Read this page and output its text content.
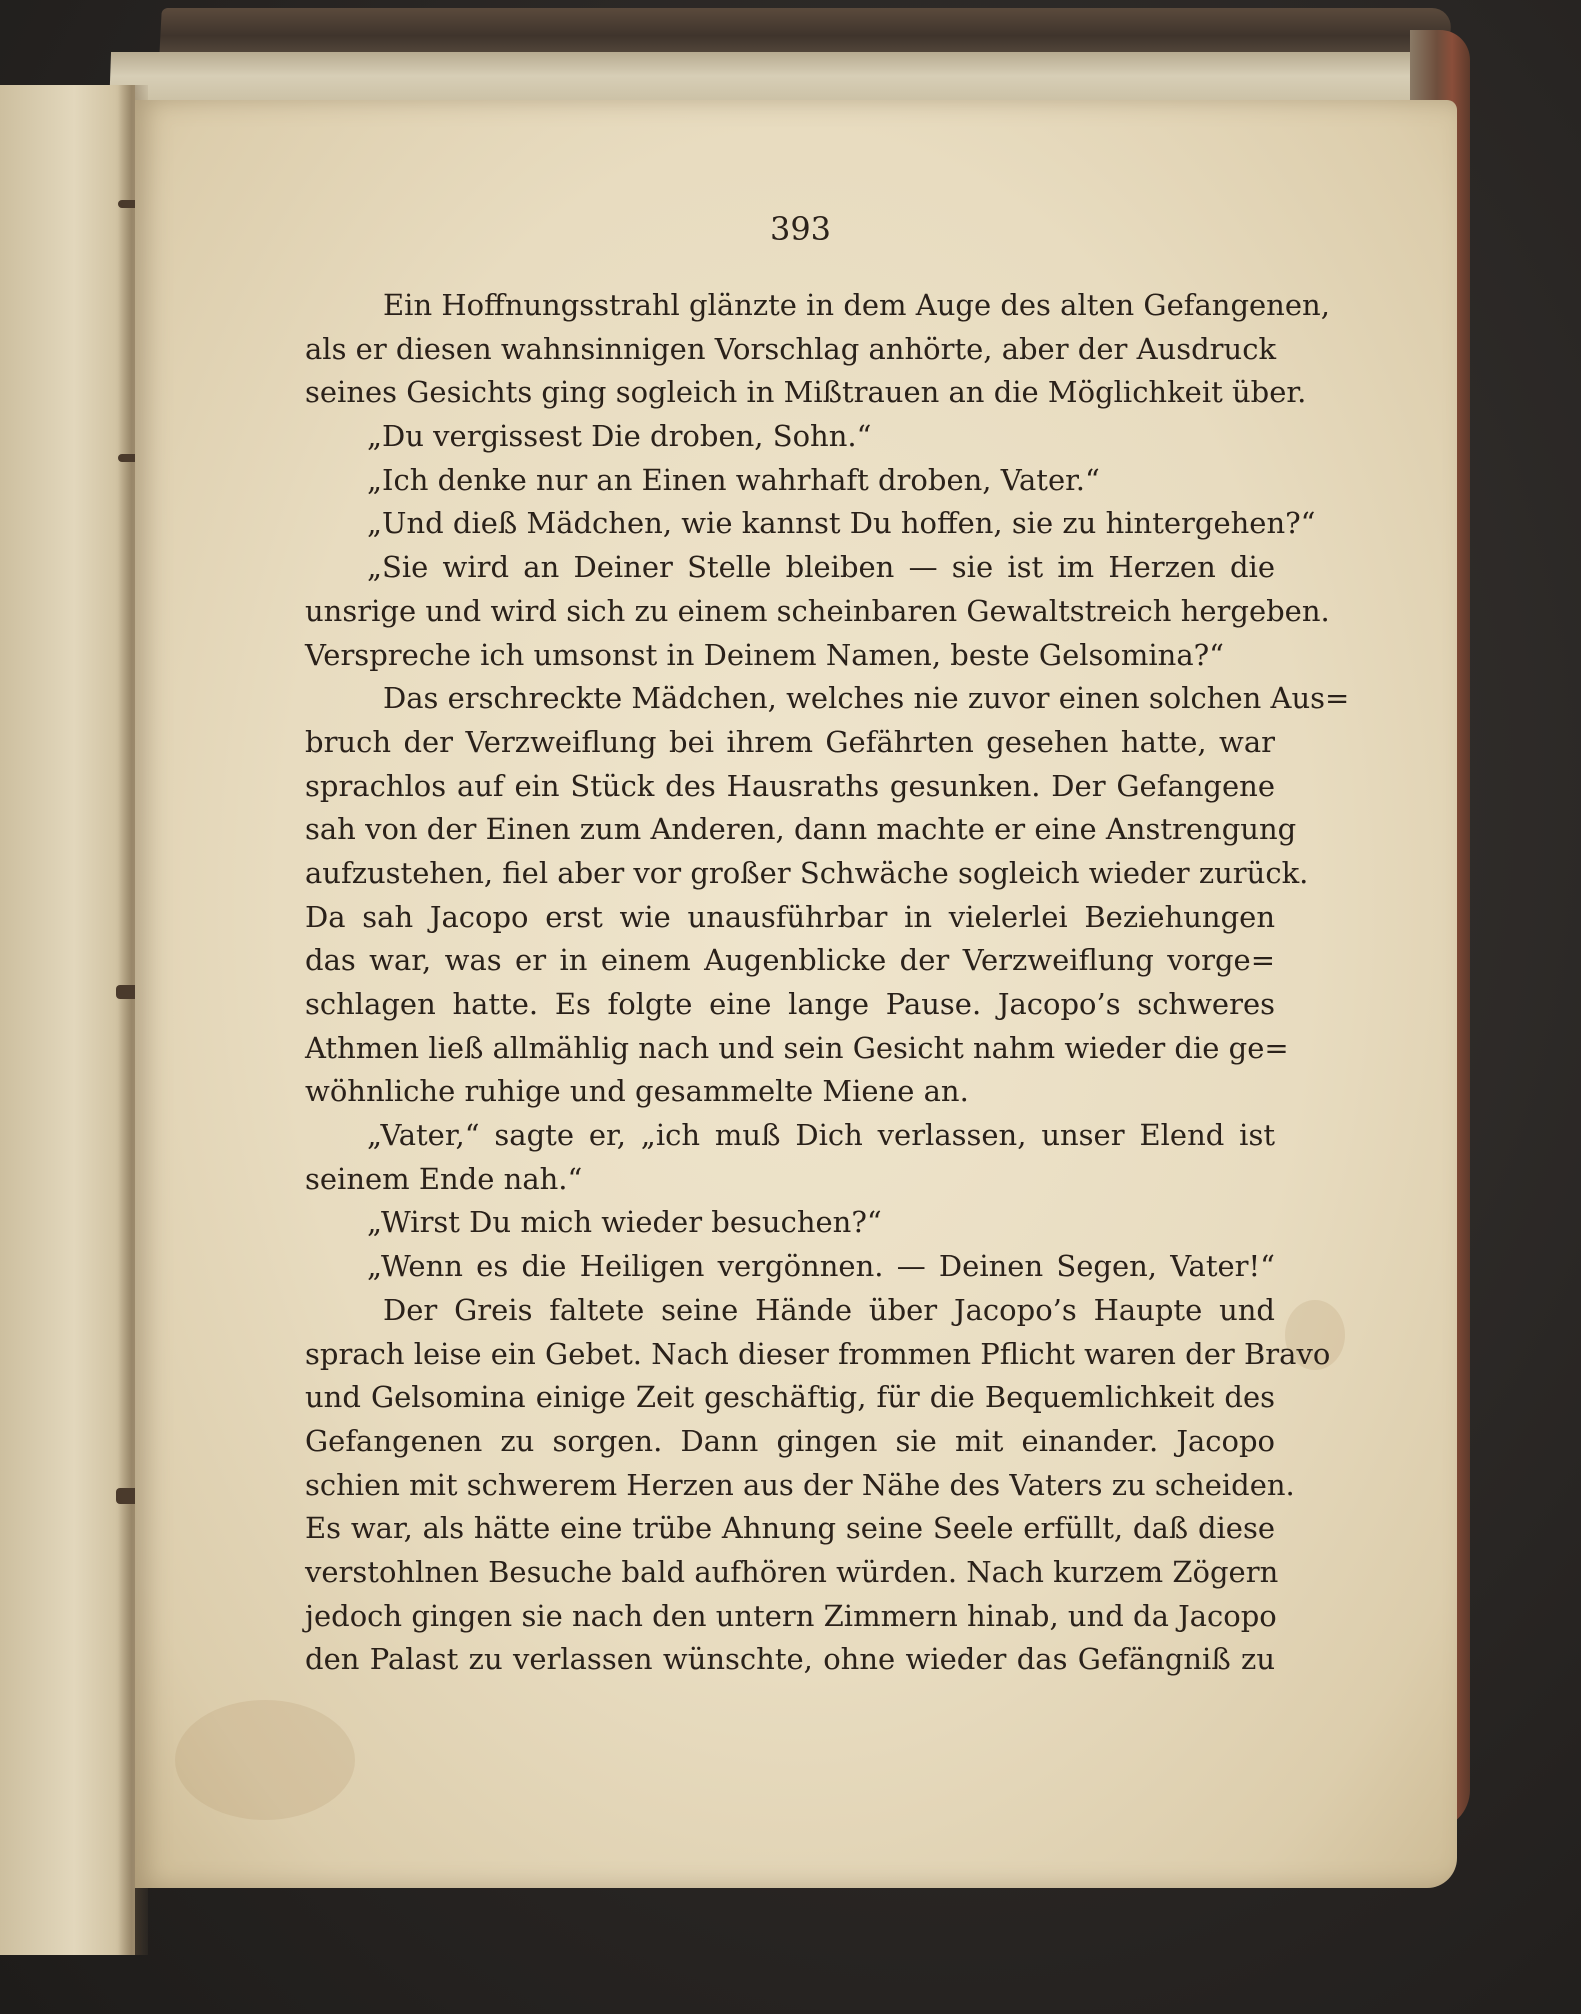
393
Ein Hoffnungsstrahl glänzte in dem Auge des alten Gefangenen,
als er diesen wahnsinnigen Vorschlag anhörte, aber der Ausdruck
seines Gesichts ging sogleich in Mißtrauen an die Möglichkeit über.
„Du vergissest Die droben, Sohn.“
„Ich denke nur an Einen wahrhaft droben, Vater.“
„Und dieß Mädchen, wie kannst Du hoffen, sie zu hintergehen?“
„Sie wird an Deiner Stelle bleiben — sie ist im Herzen die
unsrige und wird sich zu einem scheinbaren Gewaltstreich hergeben.
Verspreche ich umsonst in Deinem Namen, beste Gelsomina?“
Das erschreckte Mädchen, welches nie zuvor einen solchen Aus=
bruch der Verzweiflung bei ihrem Gefährten gesehen hatte, war
sprachlos auf ein Stück des Hausraths gesunken. Der Gefangene
sah von der Einen zum Anderen, dann machte er eine Anstrengung
aufzustehen, fiel aber vor großer Schwäche sogleich wieder zurück.
Da sah Jacopo erst wie unausführbar in vielerlei Beziehungen
das war, was er in einem Augenblicke der Verzweiflung vorge=
schlagen hatte. Es folgte eine lange Pause. Jacopo’s schweres
Athmen ließ allmählig nach und sein Gesicht nahm wieder die ge=
wöhnliche ruhige und gesammelte Miene an.
„Vater,“ sagte er, „ich muß Dich verlassen, unser Elend ist
seinem Ende nah.“
„Wirst Du mich wieder besuchen?“
„Wenn es die Heiligen vergönnen. — Deinen Segen, Vater!“
Der Greis faltete seine Hände über Jacopo’s Haupte und
sprach leise ein Gebet. Nach dieser frommen Pflicht waren der Bravo
und Gelsomina einige Zeit geschäftig, für die Bequemlichkeit des
Gefangenen zu sorgen. Dann gingen sie mit einander. Jacopo
schien mit schwerem Herzen aus der Nähe des Vaters zu scheiden.
Es war, als hätte eine trübe Ahnung seine Seele erfüllt, daß diese
verstohlnen Besuche bald aufhören würden. Nach kurzem Zögern
jedoch gingen sie nach den untern Zimmern hinab, und da Jacopo
den Palast zu verlassen wünschte, ohne wieder das Gefängniß zu
